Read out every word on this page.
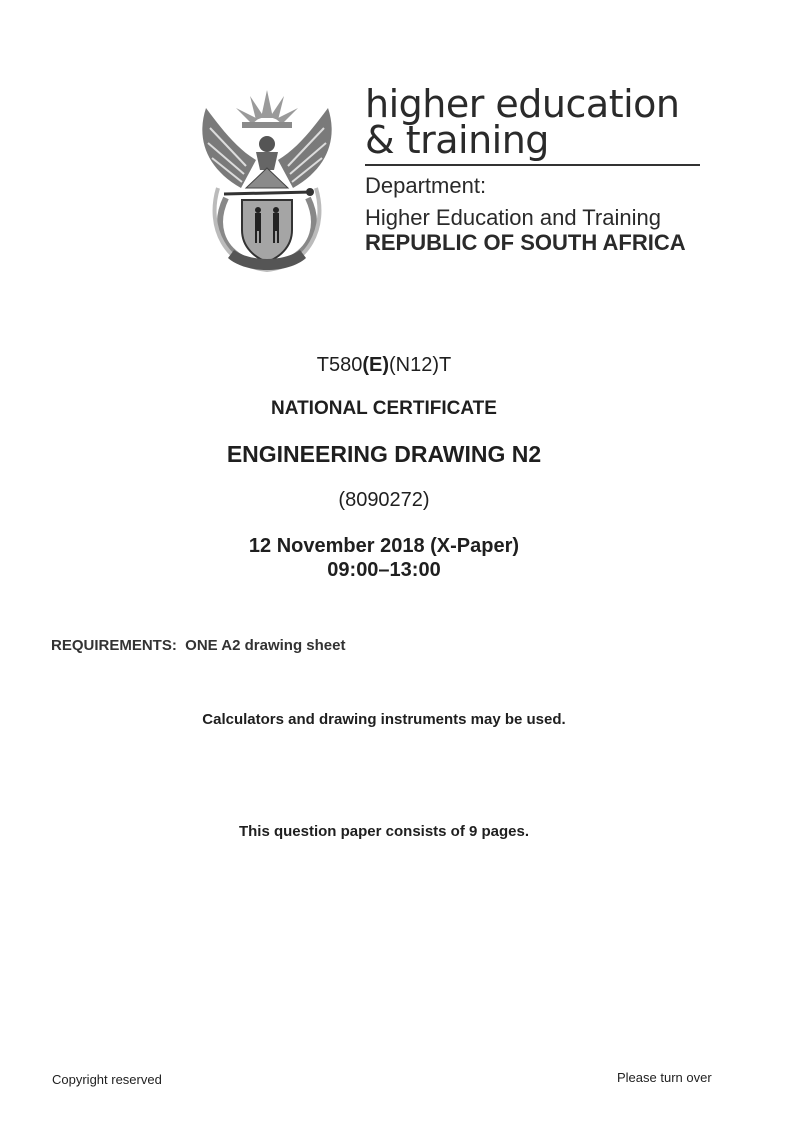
higher education
& training
Department:
Higher Education and Training
REPUBLIC OF SOUTH AFRICA
T580(E)(N12)T
NATIONAL CERTIFICATE
ENGINEERING DRAWING N2
(8090272)
12 November 2018 (X-Paper)
09:00–13:00
REQUIREMENTS:  ONE A2 drawing sheet
Calculators and drawing instruments may be used.
This question paper consists of 9 pages.
Copyright reserved	Please turn over
